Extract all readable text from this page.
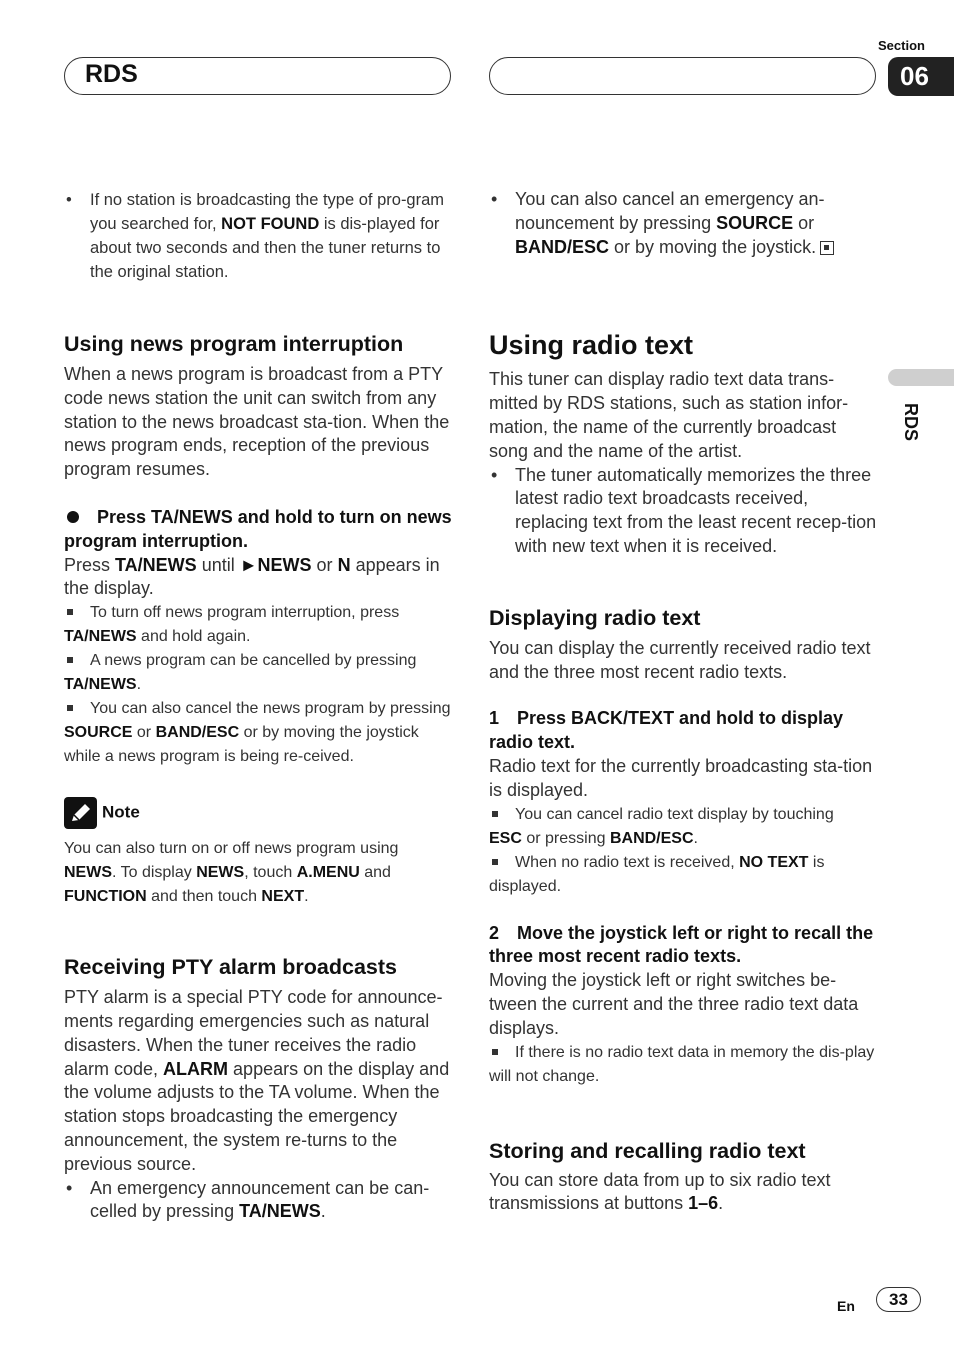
RDS
Section
06
RDS

• If no station is broadcasting the type of pro-gram you searched for, NOT FOUND is dis-played for about two seconds and then the tuner returns to the original station.

Using news program interruption

When a news program is broadcast from a PTY code news station the unit can switch from any station to the news broadcast sta-tion. When the news program ends, reception of the previous program resumes.

Press TA/NEWS and hold to turn on news program interruption.

Press TA/NEWS until ►NEWS or N appears in the display.

To turn off news program interruption, press
TA/NEWS and hold again.

A news program can be cancelled by pressing
TA/NEWS.

You can also cancel the news program by pressing SOURCE or BAND/ESC or by moving the joystick while a news program is being re-ceived.

Note

You can also turn on or off news program using NEWS. To display NEWS, touch A.MENU and FUNCTION and then touch NEXT.

Receiving PTY alarm broadcasts

PTY alarm is a special PTY code for announce-ments regarding emergencies such as natural disasters. When the tuner receives the radio alarm code, ALARM appears on the display and the volume adjusts to the TA volume. When the station stops broadcasting the emergency announcement, the system re-turns to the previous source.

• An emergency announcement can be can-celled by pressing TA/NEWS.

• You can also cancel an emergency an-nouncement by pressing SOURCE or BAND/ESC or by moving the joystick.

Using radio text

This tuner can display radio text data trans-mitted by RDS stations, such as station infor-mation, the name of the currently broadcast song and the name of the artist.

• The tuner automatically memorizes the three latest radio text broadcasts received, replacing text from the least recent recep-tion with new text when it is received.

Displaying radio text

You can display the currently received radio text and the three most recent radio texts.

1 Press BACK/TEXT and hold to display radio text.

Radio text for the currently broadcasting sta-tion is displayed.

You can cancel radio text display by touching
ESC or pressing BAND/ESC.

When no radio text is received, NO TEXT is displayed.

2 Move the joystick left or right to recall the three most recent radio texts.

Moving the joystick left or right switches be-tween the current and the three radio text data displays.

If there is no radio text data in memory the dis-play will not change.

Storing and recalling radio text

You can store data from up to six radio text transmissions at buttons 1–6.

En	33
